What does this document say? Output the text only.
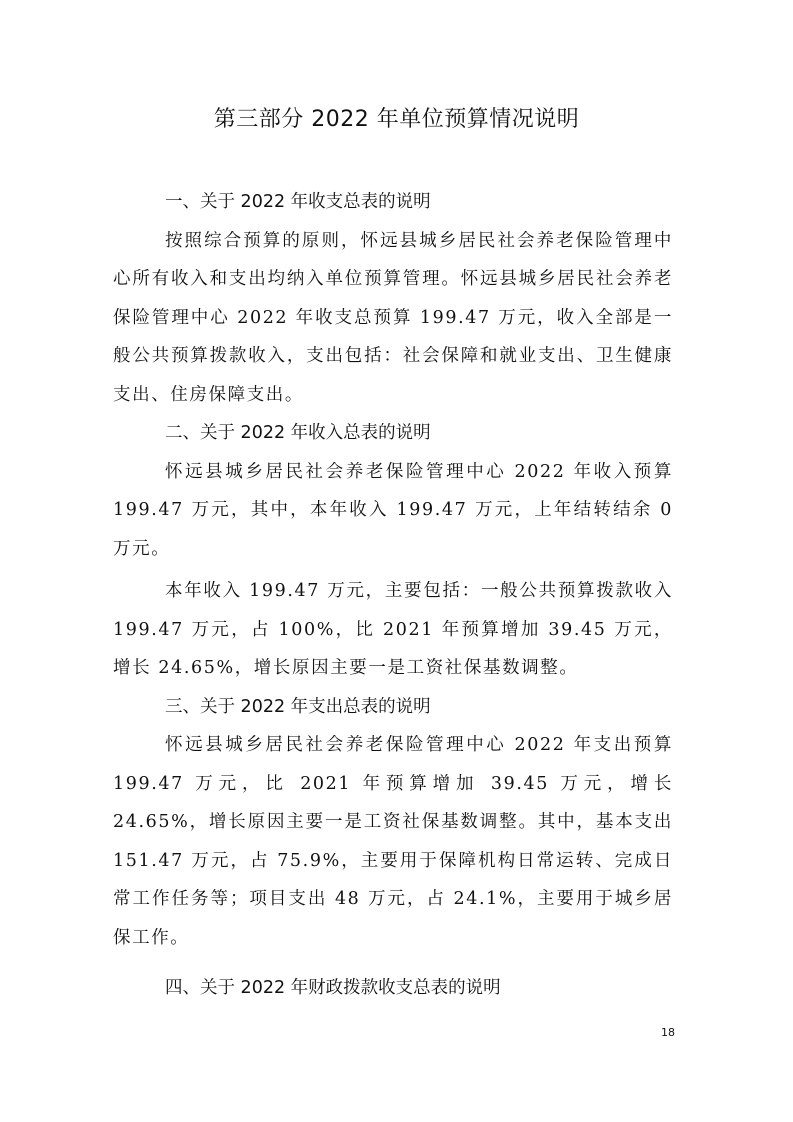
第三部分 2022 年单位预算情况说明
一、关于 2022 年收支总表的说明

按照综合预算的原则，怀远县城乡居民社会养老保险管理中心所有收入和支出均纳入单位预算管理。怀远县城乡居民社会养老保险管理中心 2022 年收支总预算 199.47 万元，收入全部是一般公共预算拨款收入，支出包括：社会保障和就业支出、卫生健康支出、住房保障支出。

二、关于 2022 年收入总表的说明

怀远县城乡居民社会养老保险管理中心 2022 年收入预算 199.47 万元，其中，本年收入 199.47 万元，上年结转结余 0 万元。

本年收入 199.47 万元，主要包括：一般公共预算拨款收入 199.47 万元，占 100%，比 2021 年预算增加 39.45 万元，增长 24.65%，增长原因主要一是工资社保基数调整。

三、关于 2022 年支出总表的说明

怀远县城乡居民社会养老保险管理中心 2022 年支出预算 199.47 万元，比 2021 年预算增加 39.45 万元，增长 24.65%，增长原因主要一是工资社保基数调整。其中，基本支出 151.47 万元，占 75.9%，主要用于保障机构日常运转、完成日常工作任务等；项目支出 48 万元，占 24.1%，主要用于城乡居保工作。

四、关于 2022 年财政拨款收支总表的说明
18
